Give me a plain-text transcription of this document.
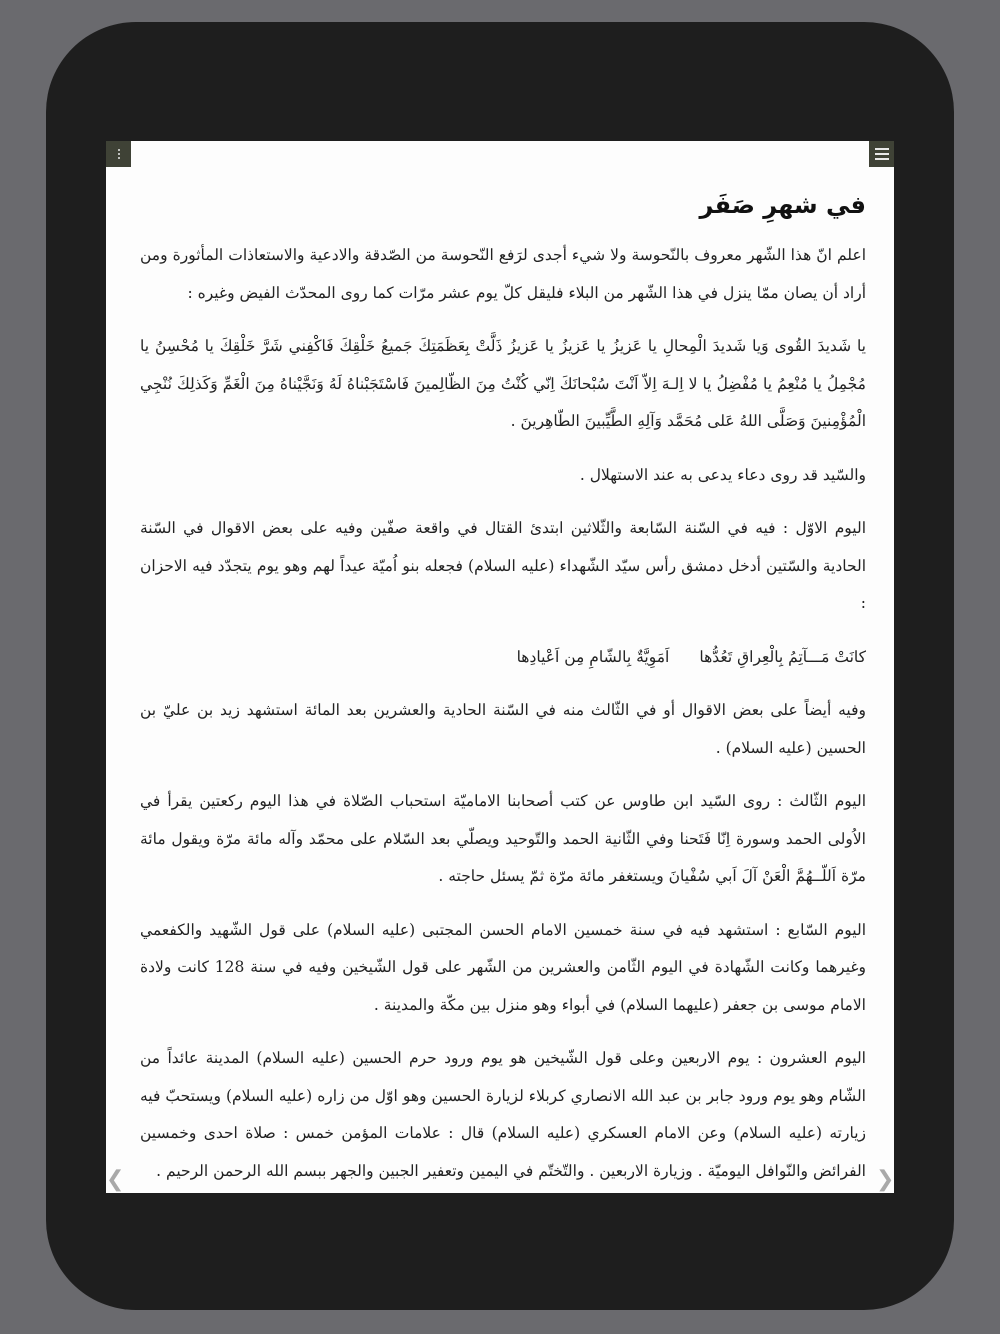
في شهرِ صَفَر

اعلم انّ هذا الشّهر معروف بالنّحوسة ولا شيء أجدى لرَفع النّحوسة من الصّدقة والادعية والاستعاذات المأثورة ومن أراد أن يصان ممّا ينزل في هذا الشّهر من البلاء فليقل كلّ يوم عشر مرّات كما روى المحدّث الفيض وغيره :

يا شَديدَ القُوى وَيا شَديدَ الْمِحالِ يا عَزيزُ يا عَزيزُ يا عَزيزُ ذَلَّتْ بِعَظَمَتِكَ جَميعُ خَلْقِكَ فَاكْفِني شَرَّ خَلْقِكَ يا مُحْسِنُ يا مُجْمِلُ يا مُنْعِمُ يا مُفْضِلُ يا لا اِلـهَ اِلاّ اَنْتَ سُبْحانَكَ اِنّي كُنْتُ مِنَ الظّالِمينَ فَاسْتَجَبْناهُ لَهُ وَنَجَّيْناهُ مِنَ الْغَمِّ وَكَذلِكَ نُنْجِي الْمُؤْمِنينَ وَصَلَّى اللهُ عَلى مُحَمَّد وَآلِهِ الطَّيِّبينَ الطّاهِرينَ .

والسّيد قد روى دعاء يدعى به عند الاستهلال .

اليوم الاوّل : فيه في السّنة السّابعة والثّلاثين ابتدئ القتال في واقعة صفّين وفيه على بعض الاقوال في السّنة الحادية والسّتين أدخل دمشق رأس سيّد الشّهداء (عليه السلام) فجعله بنو اُميّة عيداً لهم وهو يوم يتجدّد فيه الاحزان :

كانَتْ مَـــآتِمُ بِالْعِراقِ تَعُدُّها
اَمَوِيَّةٌ بِالشّامِ مِن اَعْيادِها

وفيه أيضاً على بعض الاقوال أو في الثّالث منه في السّنة الحادية والعشرين بعد المائة استشهد زيد بن عليّ بن الحسين (عليه السلام) .

اليوم الثّالث : روى السّيد ابن طاوس عن كتب أصحابنا الاماميّة استحباب الصّلاة في هذا اليوم ركعتين يقرأ في الاُولى الحمد وسورة اِنّا فَتَحنا وفي الثّانية الحمد والتّوحيد ويصلّي بعد السّلام على محمّد وآله مائة مرّة ويقول مائة مرّة اَللّــهُمَّ الْعَنْ آلَ اَبي سُفْيانَ ويستغفر مائة مرّة ثمّ يسئل حاجته .

اليوم السّابع : استشهد فيه في سنة خمسين الامام الحسن المجتبى (عليه السلام) على قول الشّهيد والكفعمي وغيرهما وكانت الشّهادة في اليوم الثّامن والعشرين من الشّهر على قول الشّيخين وفيه في سنة 128 كانت ولادة الامام موسى بن جعفر (عليهما السلام) في أبواء وهو منزل بين مكّة والمدينة .

اليوم العشرون : يوم الاربعين وعلى قول الشّيخين هو يوم ورود حرم الحسين (عليه السلام) المدينة عائداً من الشّام وهو يوم ورود جابر بن عبد الله الانصاري كربلاء لزيارة الحسين وهو اوّل من زاره (عليه السلام) ويستحبّ فيه زيارته (عليه السلام) وعن الامام العسكري (عليه السلام) قال : علامات المؤمن خمس : صلاة احدى وخمسين الفرائض والنّوافل اليوميّة . وزيارة الاربعين . والتّختّم في اليمين وتعفير الجبين والجهر ببسم الله الرحمن الرحيم .

❮	❯
